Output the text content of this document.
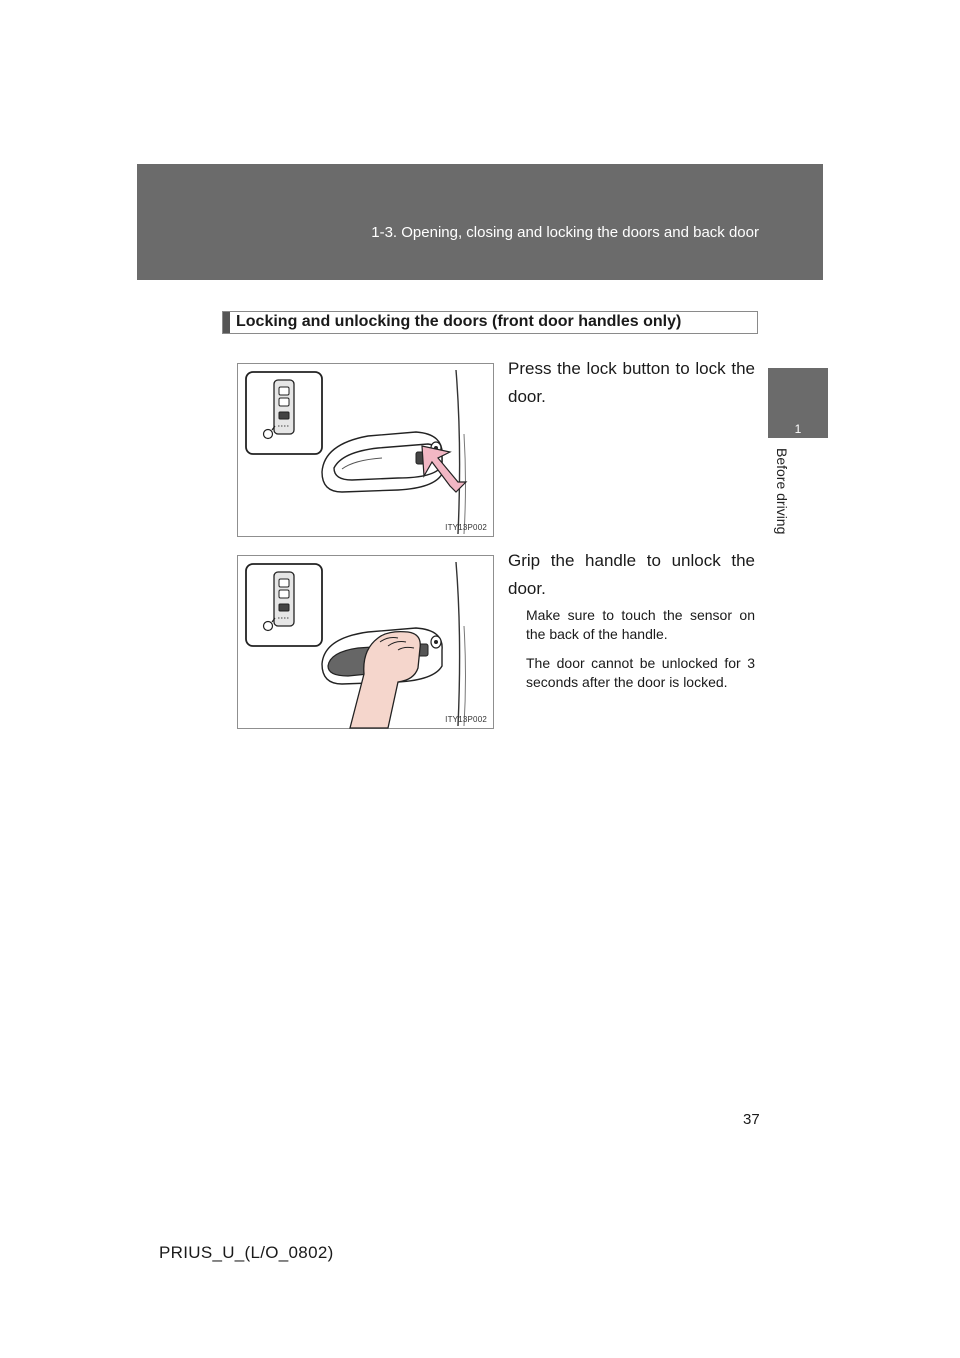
1-3. Opening, closing and locking the doors and back door
1
Before driving
Locking and unlocking the doors (front door handles only)
ITY13P002
Press the lock button to lock the door.
ITY13P002
Grip the handle to unlock the door.
Make sure to touch the sensor on the back of the handle.
The door cannot be unlocked for 3 seconds after the door is locked.
37
PRIUS_U_(L/O_0802)
